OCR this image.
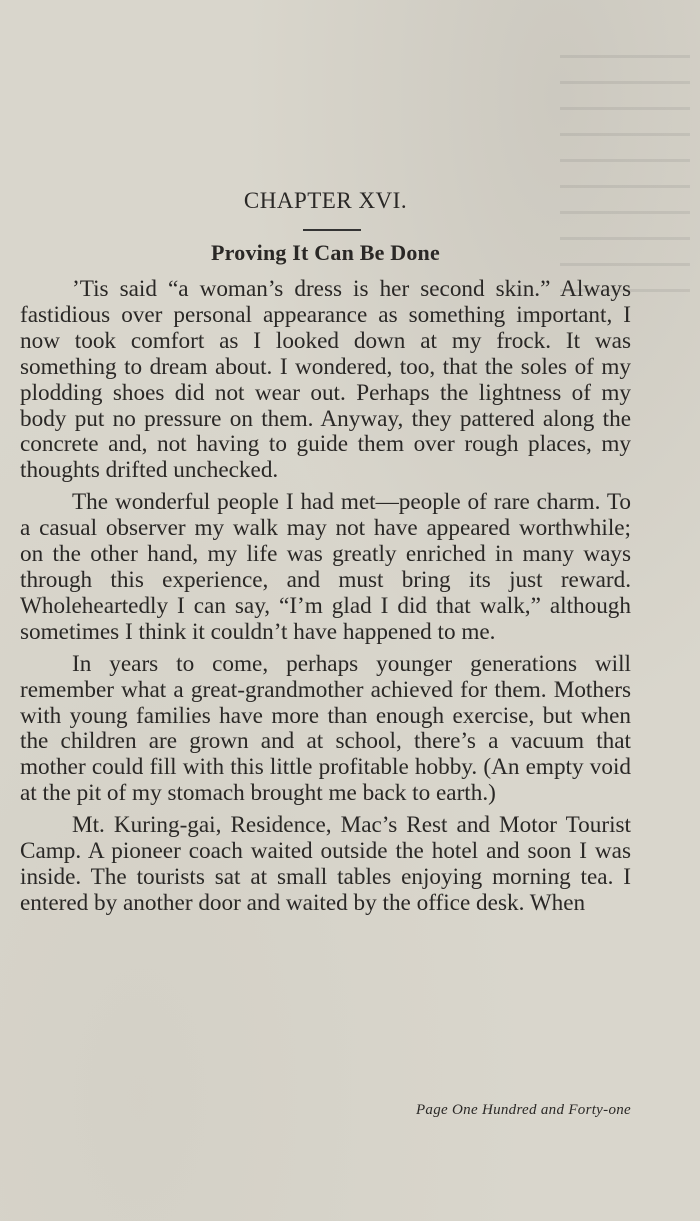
CHAPTER XVI.
Proving It Can Be Done

’Tis said “a woman’s dress is her second skin.” Always fastidious over personal appearance as something important, I now took comfort as I looked down at my frock. It was something to dream about. I wondered, too, that the soles of my plodding shoes did not wear out. Perhaps the lightness of my body put no pressure on them. Anyway, they pattered along the concrete and, not having to guide them over rough places, my thoughts drifted unchecked.

The wonderful people I had met—people of rare charm. To a casual observer my walk may not have appeared worthwhile; on the other hand, my life was greatly enriched in many ways through this experience, and must bring its just reward. Wholeheartedly I can say, “I’m glad I did that walk,” although sometimes I think it couldn’t have happened to me.

In years to come, perhaps younger generations will remember what a great-grandmother achieved for them. Mothers with young families have more than enough exercise, but when the children are grown and at school, there’s a vacuum that mother could fill with this little profitable hobby. (An empty void at the pit of my stomach brought me back to earth.)

Mt. Kuring-gai, Residence, Mac’s Rest and Motor Tourist Camp. A pioneer coach waited outside the hotel and soon I was inside. The tourists sat at small tables enjoying morning tea. I entered by another door and waited by the office desk. When

Page One Hundred and Forty-one
